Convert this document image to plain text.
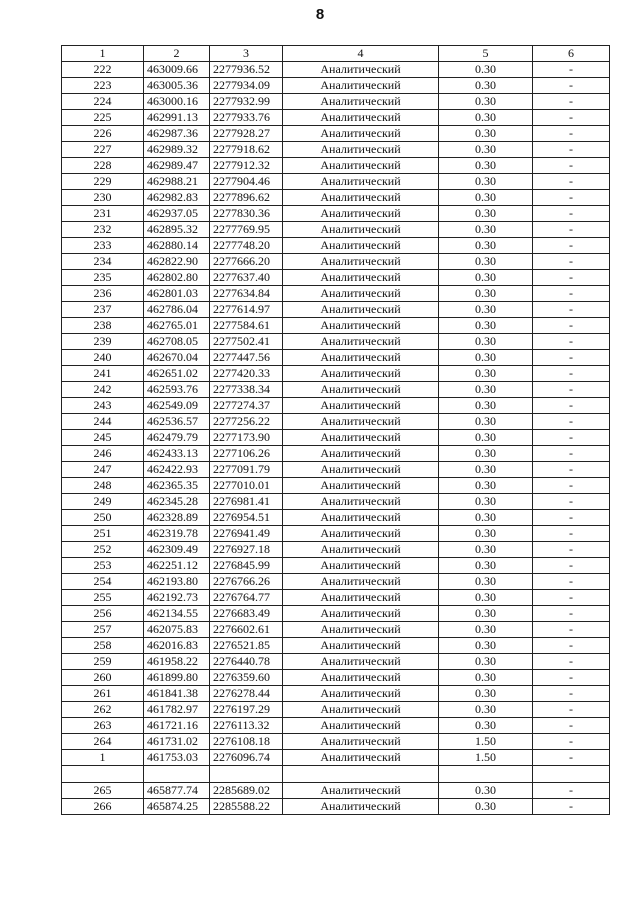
8
1	2	3	4	5	6
222	463009.66	2277936.52	Аналитический	0.30	-
223	463005.36	2277934.09	Аналитический	0.30	-
224	463000.16	2277932.99	Аналитический	0.30	-
225	462991.13	2277933.76	Аналитический	0.30	-
226	462987.36	2277928.27	Аналитический	0.30	-
227	462989.32	2277918.62	Аналитический	0.30	-
228	462989.47	2277912.32	Аналитический	0.30	-
229	462988.21	2277904.46	Аналитический	0.30	-
230	462982.83	2277896.62	Аналитический	0.30	-
231	462937.05	2277830.36	Аналитический	0.30	-
232	462895.32	2277769.95	Аналитический	0.30	-
233	462880.14	2277748.20	Аналитический	0.30	-
234	462822.90	2277666.20	Аналитический	0.30	-
235	462802.80	2277637.40	Аналитический	0.30	-
236	462801.03	2277634.84	Аналитический	0.30	-
237	462786.04	2277614.97	Аналитический	0.30	-
238	462765.01	2277584.61	Аналитический	0.30	-
239	462708.05	2277502.41	Аналитический	0.30	-
240	462670.04	2277447.56	Аналитический	0.30	-
241	462651.02	2277420.33	Аналитический	0.30	-
242	462593.76	2277338.34	Аналитический	0.30	-
243	462549.09	2277274.37	Аналитический	0.30	-
244	462536.57	2277256.22	Аналитический	0.30	-
245	462479.79	2277173.90	Аналитический	0.30	-
246	462433.13	2277106.26	Аналитический	0.30	-
247	462422.93	2277091.79	Аналитический	0.30	-
248	462365.35	2277010.01	Аналитический	0.30	-
249	462345.28	2276981.41	Аналитический	0.30	-
250	462328.89	2276954.51	Аналитический	0.30	-
251	462319.78	2276941.49	Аналитический	0.30	-
252	462309.49	2276927.18	Аналитический	0.30	-
253	462251.12	2276845.99	Аналитический	0.30	-
254	462193.80	2276766.26	Аналитический	0.30	-
255	462192.73	2276764.77	Аналитический	0.30	-
256	462134.55	2276683.49	Аналитический	0.30	-
257	462075.83	2276602.61	Аналитический	0.30	-
258	462016.83	2276521.85	Аналитический	0.30	-
259	461958.22	2276440.78	Аналитический	0.30	-
260	461899.80	2276359.60	Аналитический	0.30	-
261	461841.38	2276278.44	Аналитический	0.30	-
262	461782.97	2276197.29	Аналитический	0.30	-
263	461721.16	2276113.32	Аналитический	0.30	-
264	461731.02	2276108.18	Аналитический	1.50	-
1	461753.03	2276096.74	Аналитический	1.50	-

265	465877.74	2285689.02	Аналитический	0.30	-
266	465874.25	2285588.22	Аналитический	0.30	-
